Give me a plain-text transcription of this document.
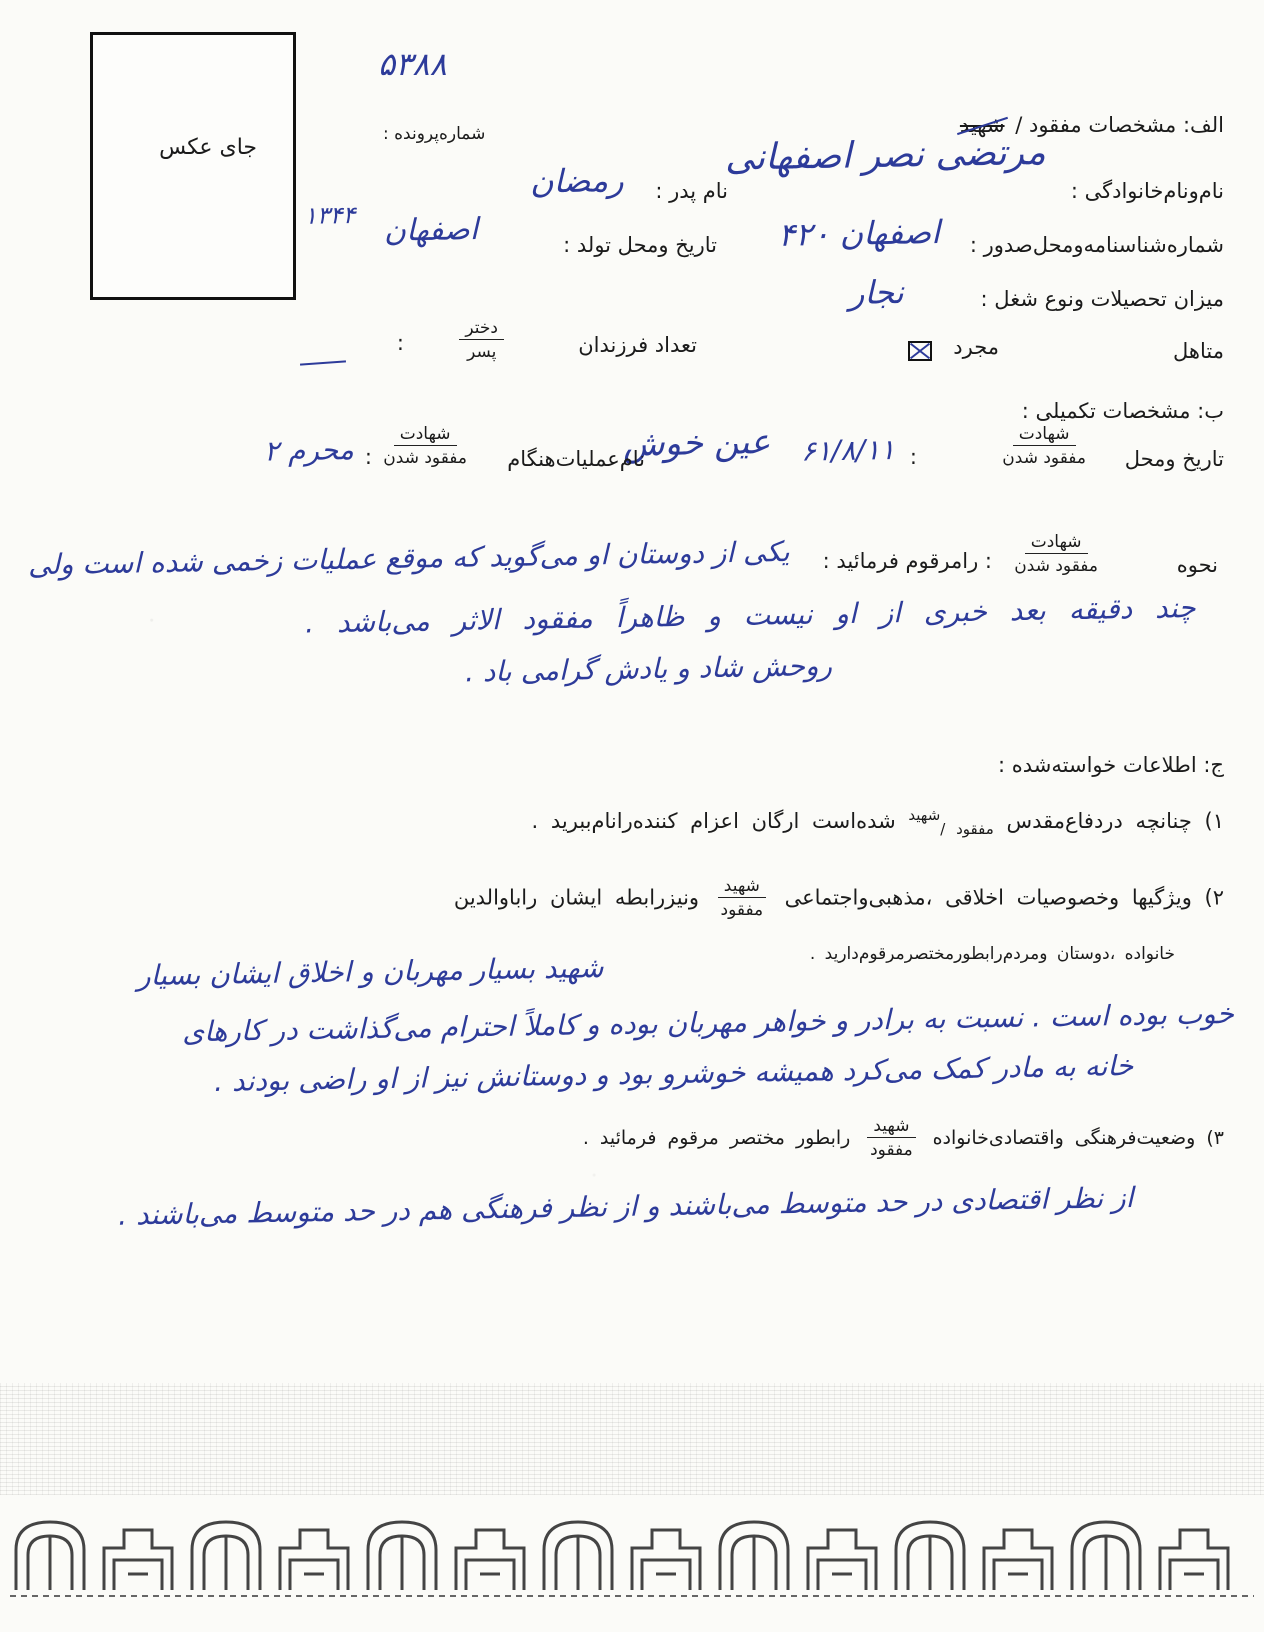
۵۳۸۸
جای عکس
شماره‌پرونده :	الف: مشخصات مفقود / شهید
نام‌ونام‌خانوادگی :
مرتضی نصر اصفهانی
نام پدر :
رمضان
شماره‌شناسنامه‌ومحل‌صدور :
اصفهان ۴۲۰
تاریخ ومحل تولد :
اصفهان
۱۳۴۴
میزان تحصیلات ونوع شغل :
نجار
متاهل
مجرد
تعداد فرزندان
$\frac{\text{دختر}}{\text{پسر}}$
:
ب: مشخصات تکمیلی :
تاریخ ومحل
$\frac{\text{شهادت}}{\text{مفقود شدن}}$
:
۶۱/۸/۱۱
عین خوش
نام‌عملیات‌هنگام
$\frac{\text{شهادت}}{\text{مفقود شدن}}$
:
محرم ۲
نحوه
$\frac{\text{شهادت}}{\text{مفقود شدن}}$
: رامرقوم فرمائید :
یکی از دوستان او می‌گوید که موقع عملیات زخمی شده است ولی
چند دقیقه بعد خبری از او نیست و ظاهراً مفقود الاثر می‌باشد .
روحش شاد و یادش گرامی باد .
ج: اطلاعات خواسته‌شده :
۱) چنانچه دردفاع‌مقدس مفقود /شهید شده‌است ارگان اعزام کننده‌رانام‌ببرید .
۲) ویژگیها وخصوصیات اخلاقی ،مذهبی‌واجتماعی
$\frac{\text{شهید}}{\text{مفقود}}$
ونیزرابطه ایشان راباوالدین
خانواده ،دوستان ومردم‌رابطورمختصرمرقوم‌دارید .
شهید بسیار مهربان و اخلاق ایشان بسیار
خوب بوده است . نسبت به برادر و خواهر مهربان بوده و کاملاً احترام می‌گذاشت در کارهای
خانه به مادر کمک می‌کرد همیشه خوشرو بود و دوستانش نیز از او راضی بودند .
۳) وضعیت‌فرهنگی واقتصادی‌خانواده
$\frac{\text{شهید}}{\text{مفقود}}$
رابطور مختصر مرقوم فرمائید .
از نظر اقتصادی در حد متوسط می‌باشند و از نظر فرهنگی هم در حد متوسط می‌باشند .
